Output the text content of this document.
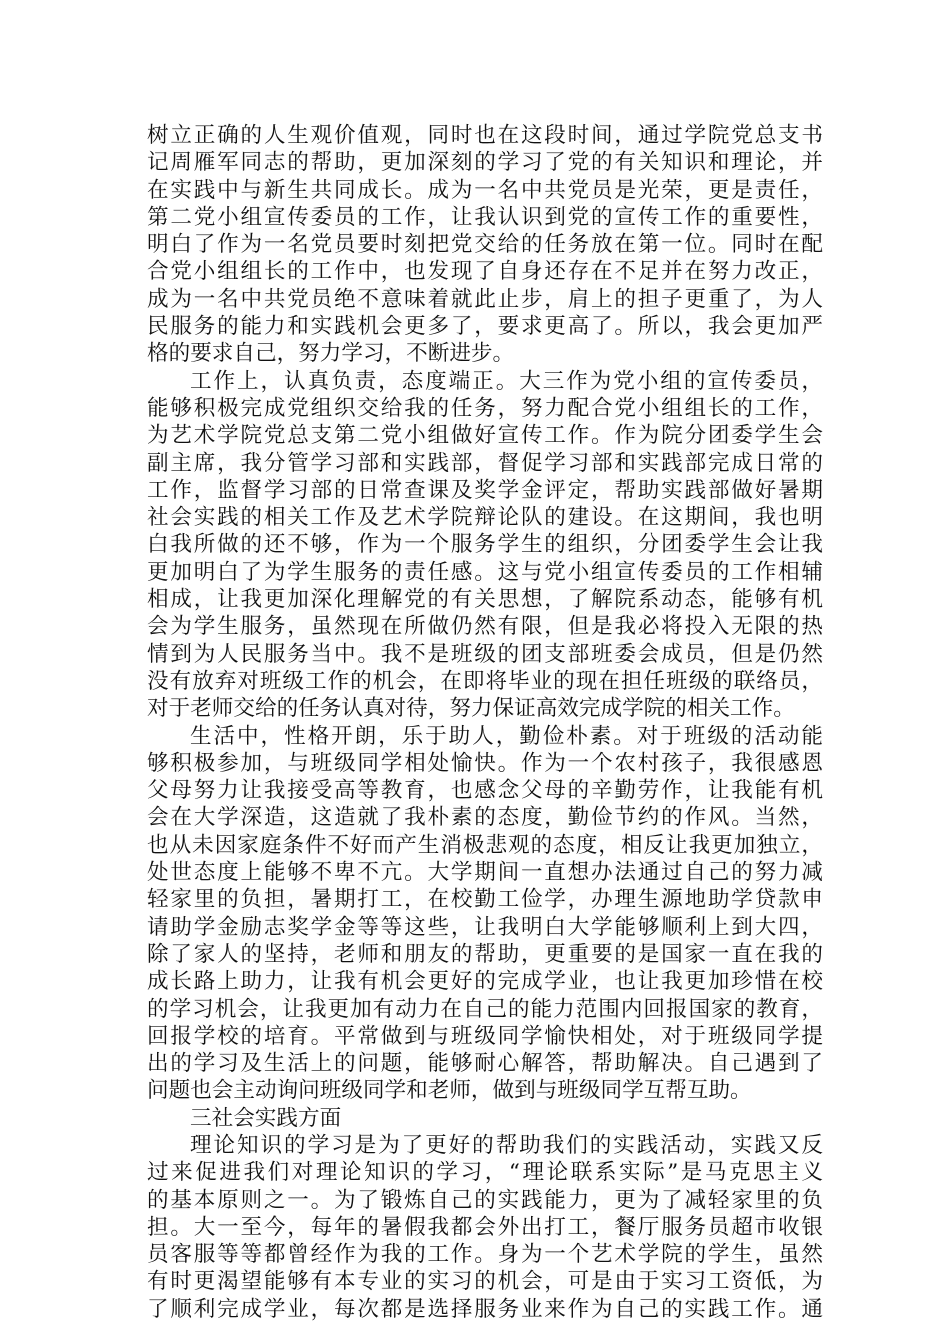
树立正确的人生观价值观，同时也在这段时间，通过学院党总支书
记周雁军同志的帮助，更加深刻的学习了党的有关知识和理论，并
在实践中与新生共同成长。成为一名中共党员是光荣，更是责任，
第二党小组宣传委员的工作，让我认识到党的宣传工作的重要性，
明白了作为一名党员要时刻把党交给的任务放在第一位。同时在配
合党小组组长的工作中，也发现了自身还存在不足并在努力改正，
成为一名中共党员绝不意味着就此止步，肩上的担子更重了，为人
民服务的能力和实践机会更多了，要求更高了。所以，我会更加严
格的要求自己，努力学习，不断进步。
工作上，认真负责，态度端正。大三作为党小组的宣传委员，
能够积极完成党组织交给我的任务，努力配合党小组组长的工作，
为艺术学院党总支第二党小组做好宣传工作。作为院分团委学生会
副主席，我分管学习部和实践部，督促学习部和实践部完成日常的
工作，监督学习部的日常查课及奖学金评定，帮助实践部做好暑期
社会实践的相关工作及艺术学院辩论队的建设。在这期间，我也明
白我所做的还不够，作为一个服务学生的组织，分团委学生会让我
更加明白了为学生服务的责任感。这与党小组宣传委员的工作相辅
相成，让我更加深化理解党的有关思想，了解院系动态，能够有机
会为学生服务，虽然现在所做仍然有限，但是我必将投入无限的热
情到为人民服务当中。我不是班级的团支部班委会成员，但是仍然
没有放弃对班级工作的机会，在即将毕业的现在担任班级的联络员，
对于老师交给的任务认真对待，努力保证高效完成学院的相关工作。
生活中，性格开朗，乐于助人，勤俭朴素。对于班级的活动能
够积极参加，与班级同学相处愉快。作为一个农村孩子，我很感恩
父母努力让我接受高等教育，也感念父母的辛勤劳作，让我能有机
会在大学深造，这造就了我朴素的态度，勤俭节约的作风。当然，
也从未因家庭条件不好而产生消极悲观的态度，相反让我更加独立，
处世态度上能够不卑不亢。大学期间一直想办法通过自己的努力减
轻家里的负担，暑期打工，在校勤工俭学，办理生源地助学贷款申
请助学金励志奖学金等等这些，让我明白大学能够顺利上到大四，
除了家人的坚持，老师和朋友的帮助，更重要的是国家一直在我的
成长路上助力，让我有机会更好的完成学业，也让我更加珍惜在校
的学习机会，让我更加有动力在自己的能力范围内回报国家的教育，
回报学校的培育。平常做到与班级同学愉快相处，对于班级同学提
出的学习及生活上的问题，能够耐心解答，帮助解决。自己遇到了
问题也会主动询问班级同学和老师，做到与班级同学互帮互助。
三社会实践方面
理论知识的学习是为了更好的帮助我们的实践活动，实践又反
过来促进我们对理论知识的学习，“理论联系实际”是马克思主义
的基本原则之一。为了锻炼自己的实践能力，更为了减轻家里的负
担。大一至今，每年的暑假我都会外出打工，餐厅服务员超市收银
员客服等等都曾经作为我的工作。身为一个艺术学院的学生，虽然
有时更渴望能够有本专业的实习的机会，可是由于实习工资低，为
了顺利完成学业，每次都是选择服务业来作为自己的实践工作。通
